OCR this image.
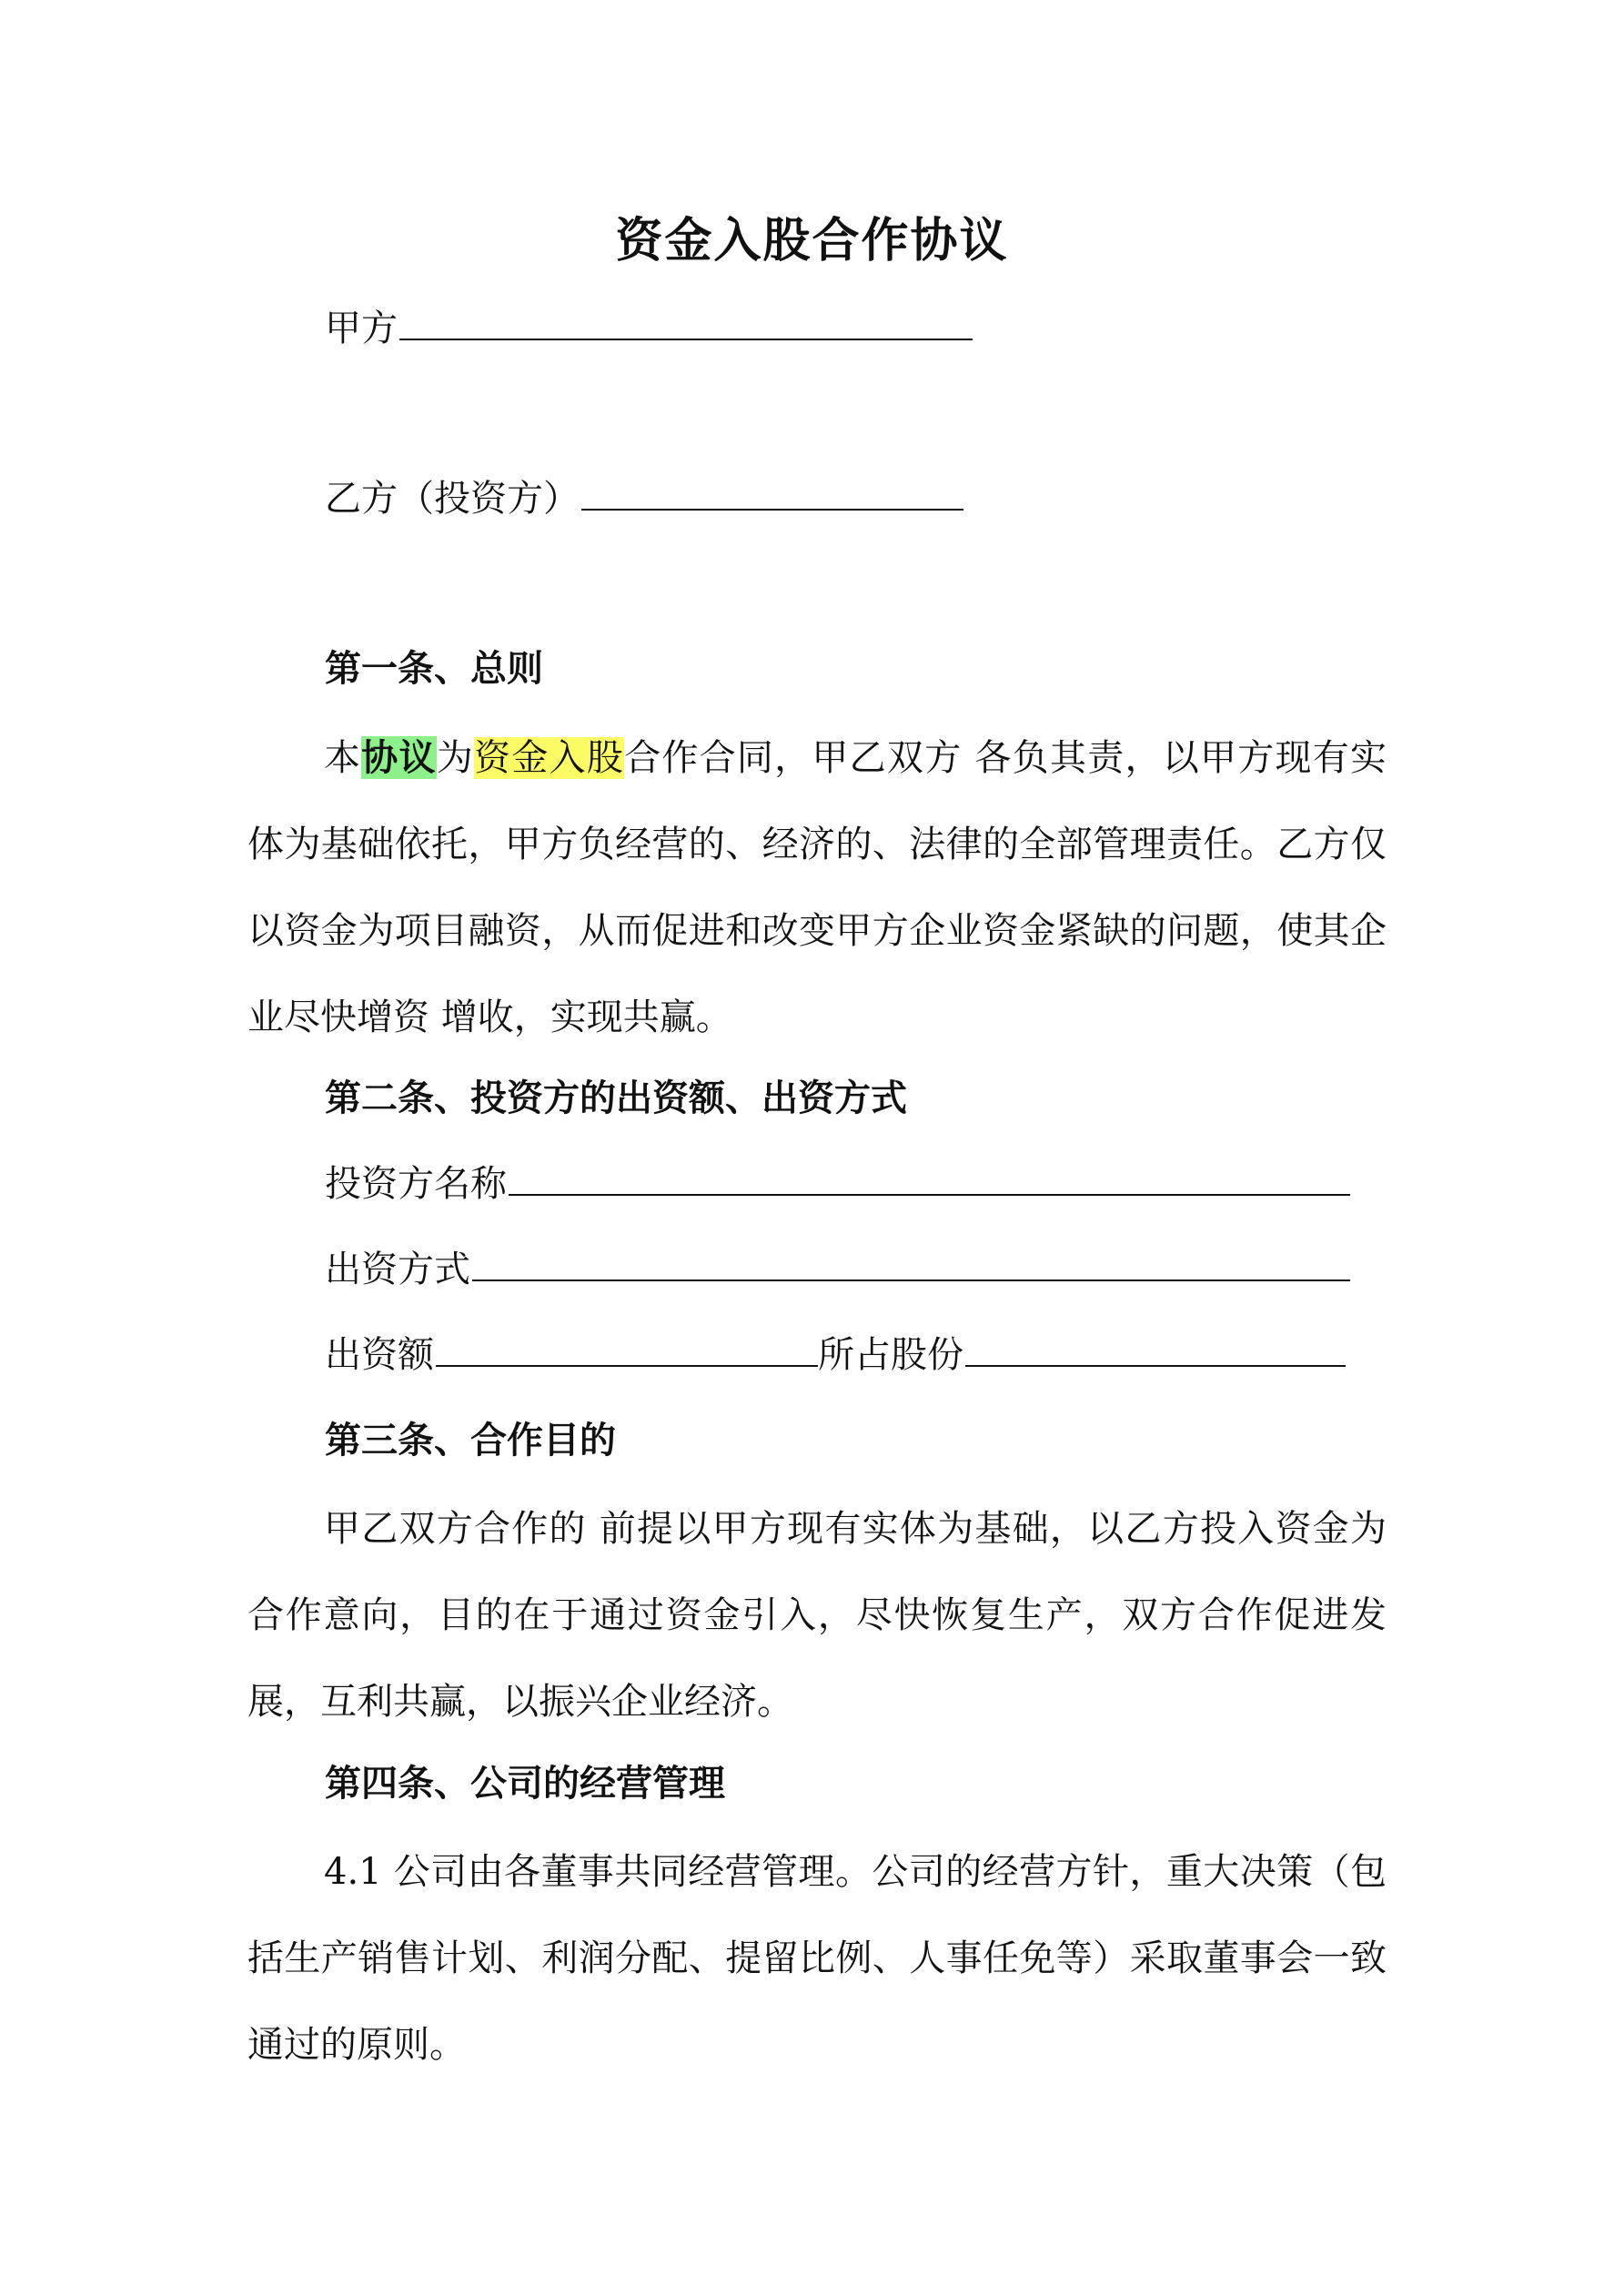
资金入股合作协议
甲方
乙方（投资方）
第一条、总则

本协议为资金入股合作合同，甲乙双方 各负其责，以甲方现有实体为基础依托，甲方负经营的、经济的、法律的全部管理责任。乙方仅以资金为项目融资，从而促进和改变甲方企业资金紧缺的问题，使其企业尽快增资 增收，实现共赢。

第二条、投资方的出资额、出资方式
投资方名称
出资方式
出资额	所占股份
第三条、合作目的

甲乙双方合作的 前提以甲方现有实体为基础，以乙方投入资金为合作意向，目的在于通过资金引入，尽快恢复生产，双方合作促进发展，互利共赢，以振兴企业经济。

第四条、公司的经营管理

4.1 公司由各董事共同经营管理。公司的经营方针，重大决策（包括生产销售计划、利润分配、提留比例、人事任免等）采取董事会一致通过的原则。
